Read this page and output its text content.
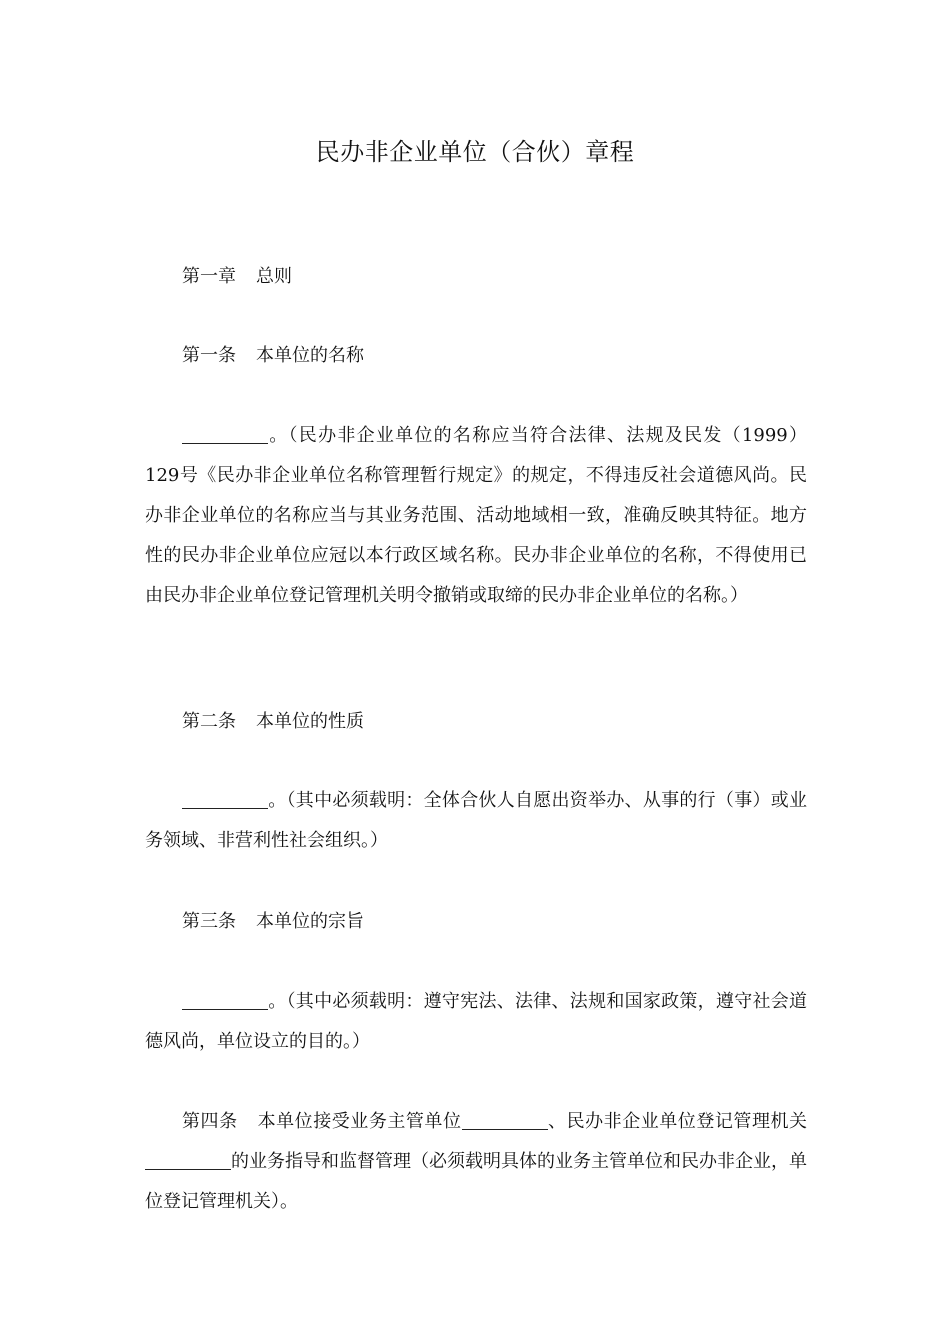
民办非企业单位（合伙）章程

第一章 总则

第一条 本单位的名称

。（民办非企业单位的名称应当符合法律、法规及民发（1999）129号《民办非企业单位名称管理暂行规定》的规定，不得违反社会道德风尚。民办非企业单位的名称应当与其业务范围、活动地域相一致，准确反映其特征。地方性的民办非企业单位应冠以本行政区域名称。民办非企业单位的名称，不得使用已由民办非企业单位登记管理机关明令撤销或取缔的民办非企业单位的名称。）

第二条 本单位的性质

。（其中必须载明：全体合伙人自愿出资举办、从事的行（事）或业务领域、非营利性社会组织。）

第三条 本单位的宗旨

。（其中必须载明：遵守宪法、法律、法规和国家政策，遵守社会道德风尚，单位设立的目的。）

第四条 本单位接受业务主管单位	、民办非企业单位登记管理机关的业务指导和监督管理（必须载明具体的业务主管单位和民办非企业，单位登记管理机关）。
